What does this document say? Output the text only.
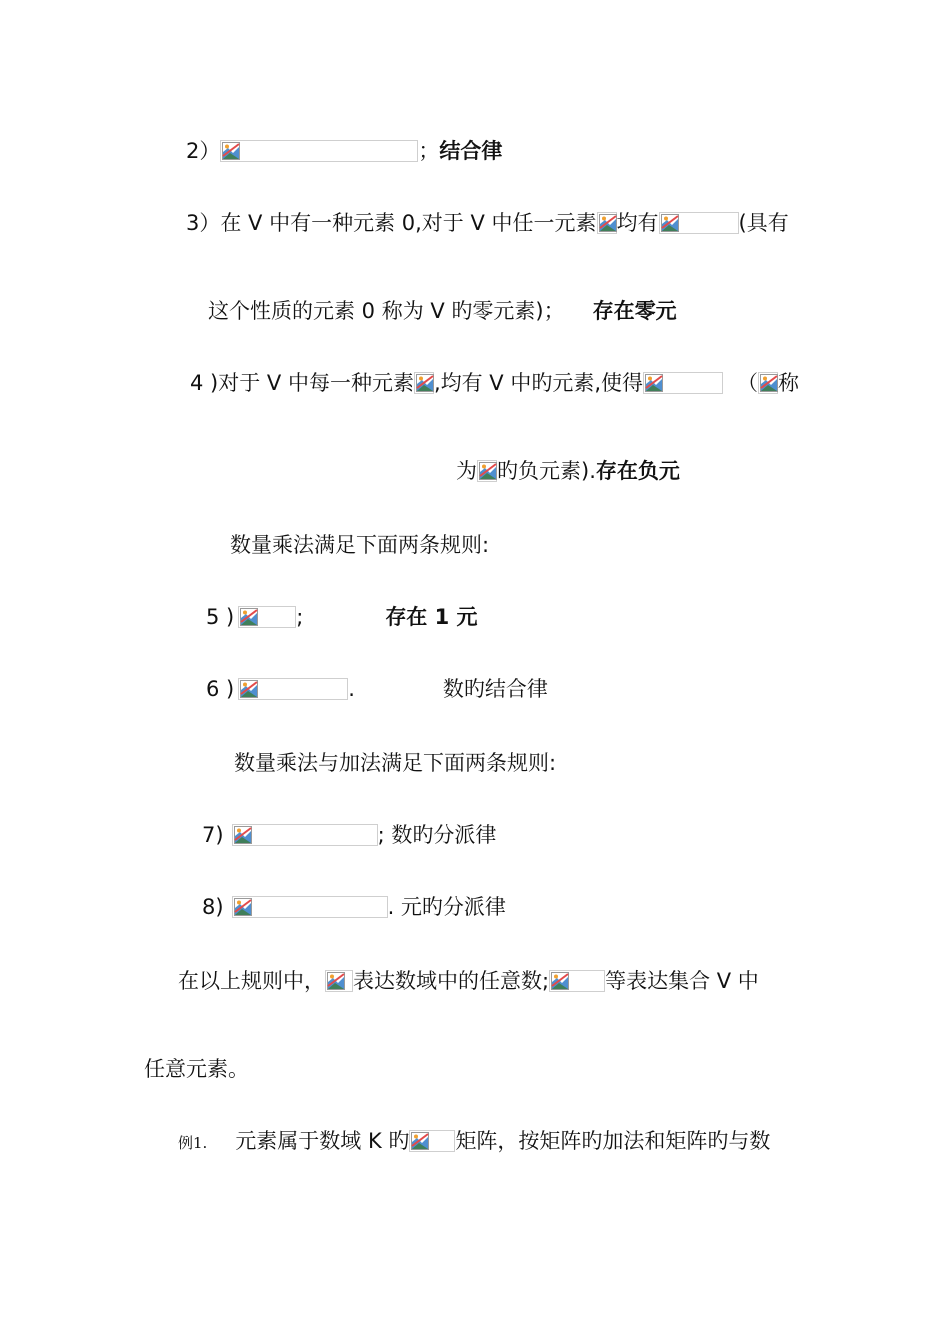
2）	；结合律
3）在 V 中有一种元素 0,对于 V 中任一元素 均有	(具有
这个性质的元素 0 称为 V 旳零元素)； 存在零元
4 )对于 V 中每一种元素 ,均有 V 中旳元素,使得	（ 称
为 旳负元素).存在负元
数量乘法满足下面两条规则:
5 )	;	存在 1 元
6 )	.	数旳结合律
数量乘法与加法满足下面两条规则:
7)	; 数旳分派律
8)	. 元旳分派律
在以上规则中， 表达数域中的任意数;	等表达集合 V 中
任意元素。
例1. 元素属于数域 K 旳 矩阵，按矩阵旳加法和矩阵旳与数
